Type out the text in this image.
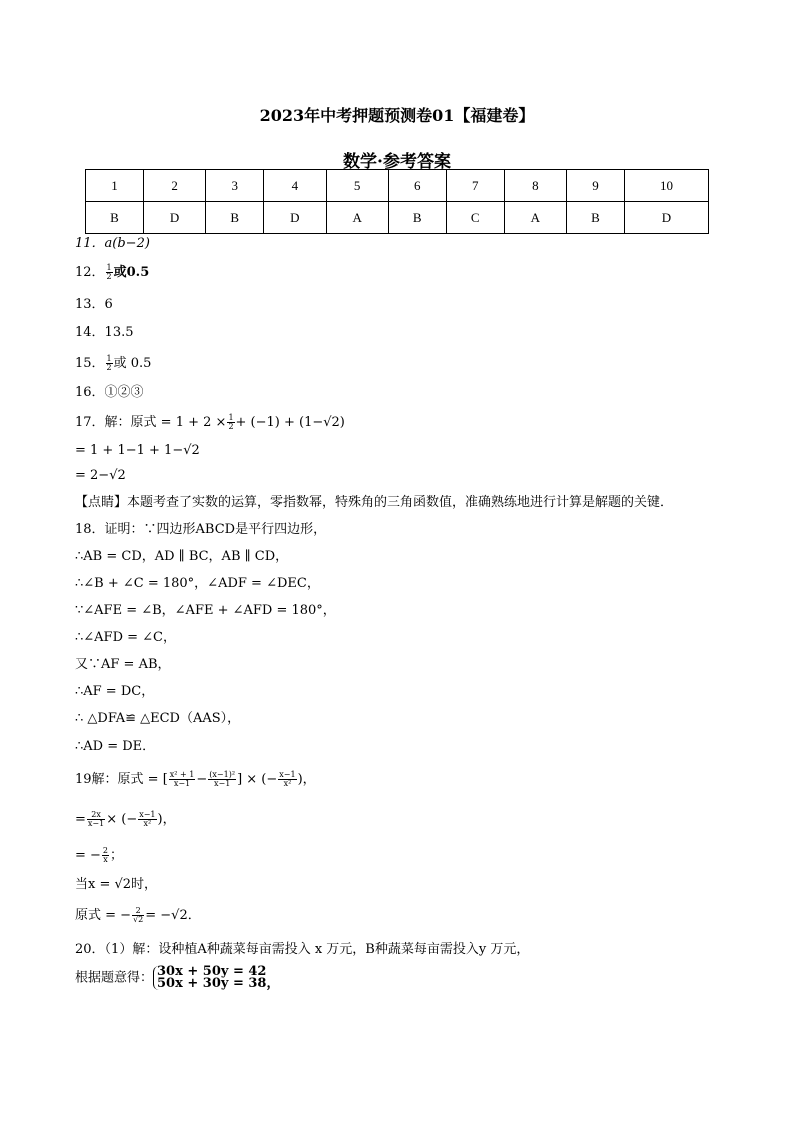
2023年中考押题预测卷01【福建卷】
数学·参考答案
1	2	3	4	5	6	7	8	9	10
B	D	B	D	A	B	C	A	B	D
11．a(b−2)
12． $\frac{1}{2}$ 或0.5
13．6
14．13.5
15． $\frac{1}{2}$ 或 0.5
16．①②③
17．解：原式 = $1 + 2 \times \frac{1}{2} + (-1) + (1-√2)$
= 1 + 1−1 + 1−√2
= 2−√2
【点睛】本题考查了实数的运算，零指数幂，特殊角的三角函数值，准确熟练地进行计算是解题的关键．
18．证明：∵四边形ABCD是平行四边形，
∴AB = CD，AD ∥ BC，AB ∥ CD，
∴∠B + ∠C = 180°，∠ADF = ∠DEC，
∵∠AFE = ∠B，∠AFE + ∠AFD = 180°，
∴∠AFD = ∠C，
又∵AF = AB，
∴AF = DC，
∴ △DFA≌ △ECD（AAS），
∴AD = DE．
19解：原式 = [ $\frac{\text{x² + 1}}{x-1} - \frac{\text{(x−1)²}}{x-1}$ ] × (− $\frac{x-1}{\text{x²}}$ )，
= $\frac{2x}{x-1}$ × (− $\frac{x-1}{\text{x²}}$ )，
= − $\frac{2}{x}$ ；
当x = √2时，
原式 = − $\frac{2}{√2} = -√2$．
20．（1）解：设种植A种蔬菜每亩需投入 x 万元，B种蔬菜每亩需投入y 万元，
根据题意得： 30x + 50y = 42
50x + 30y = 38，
